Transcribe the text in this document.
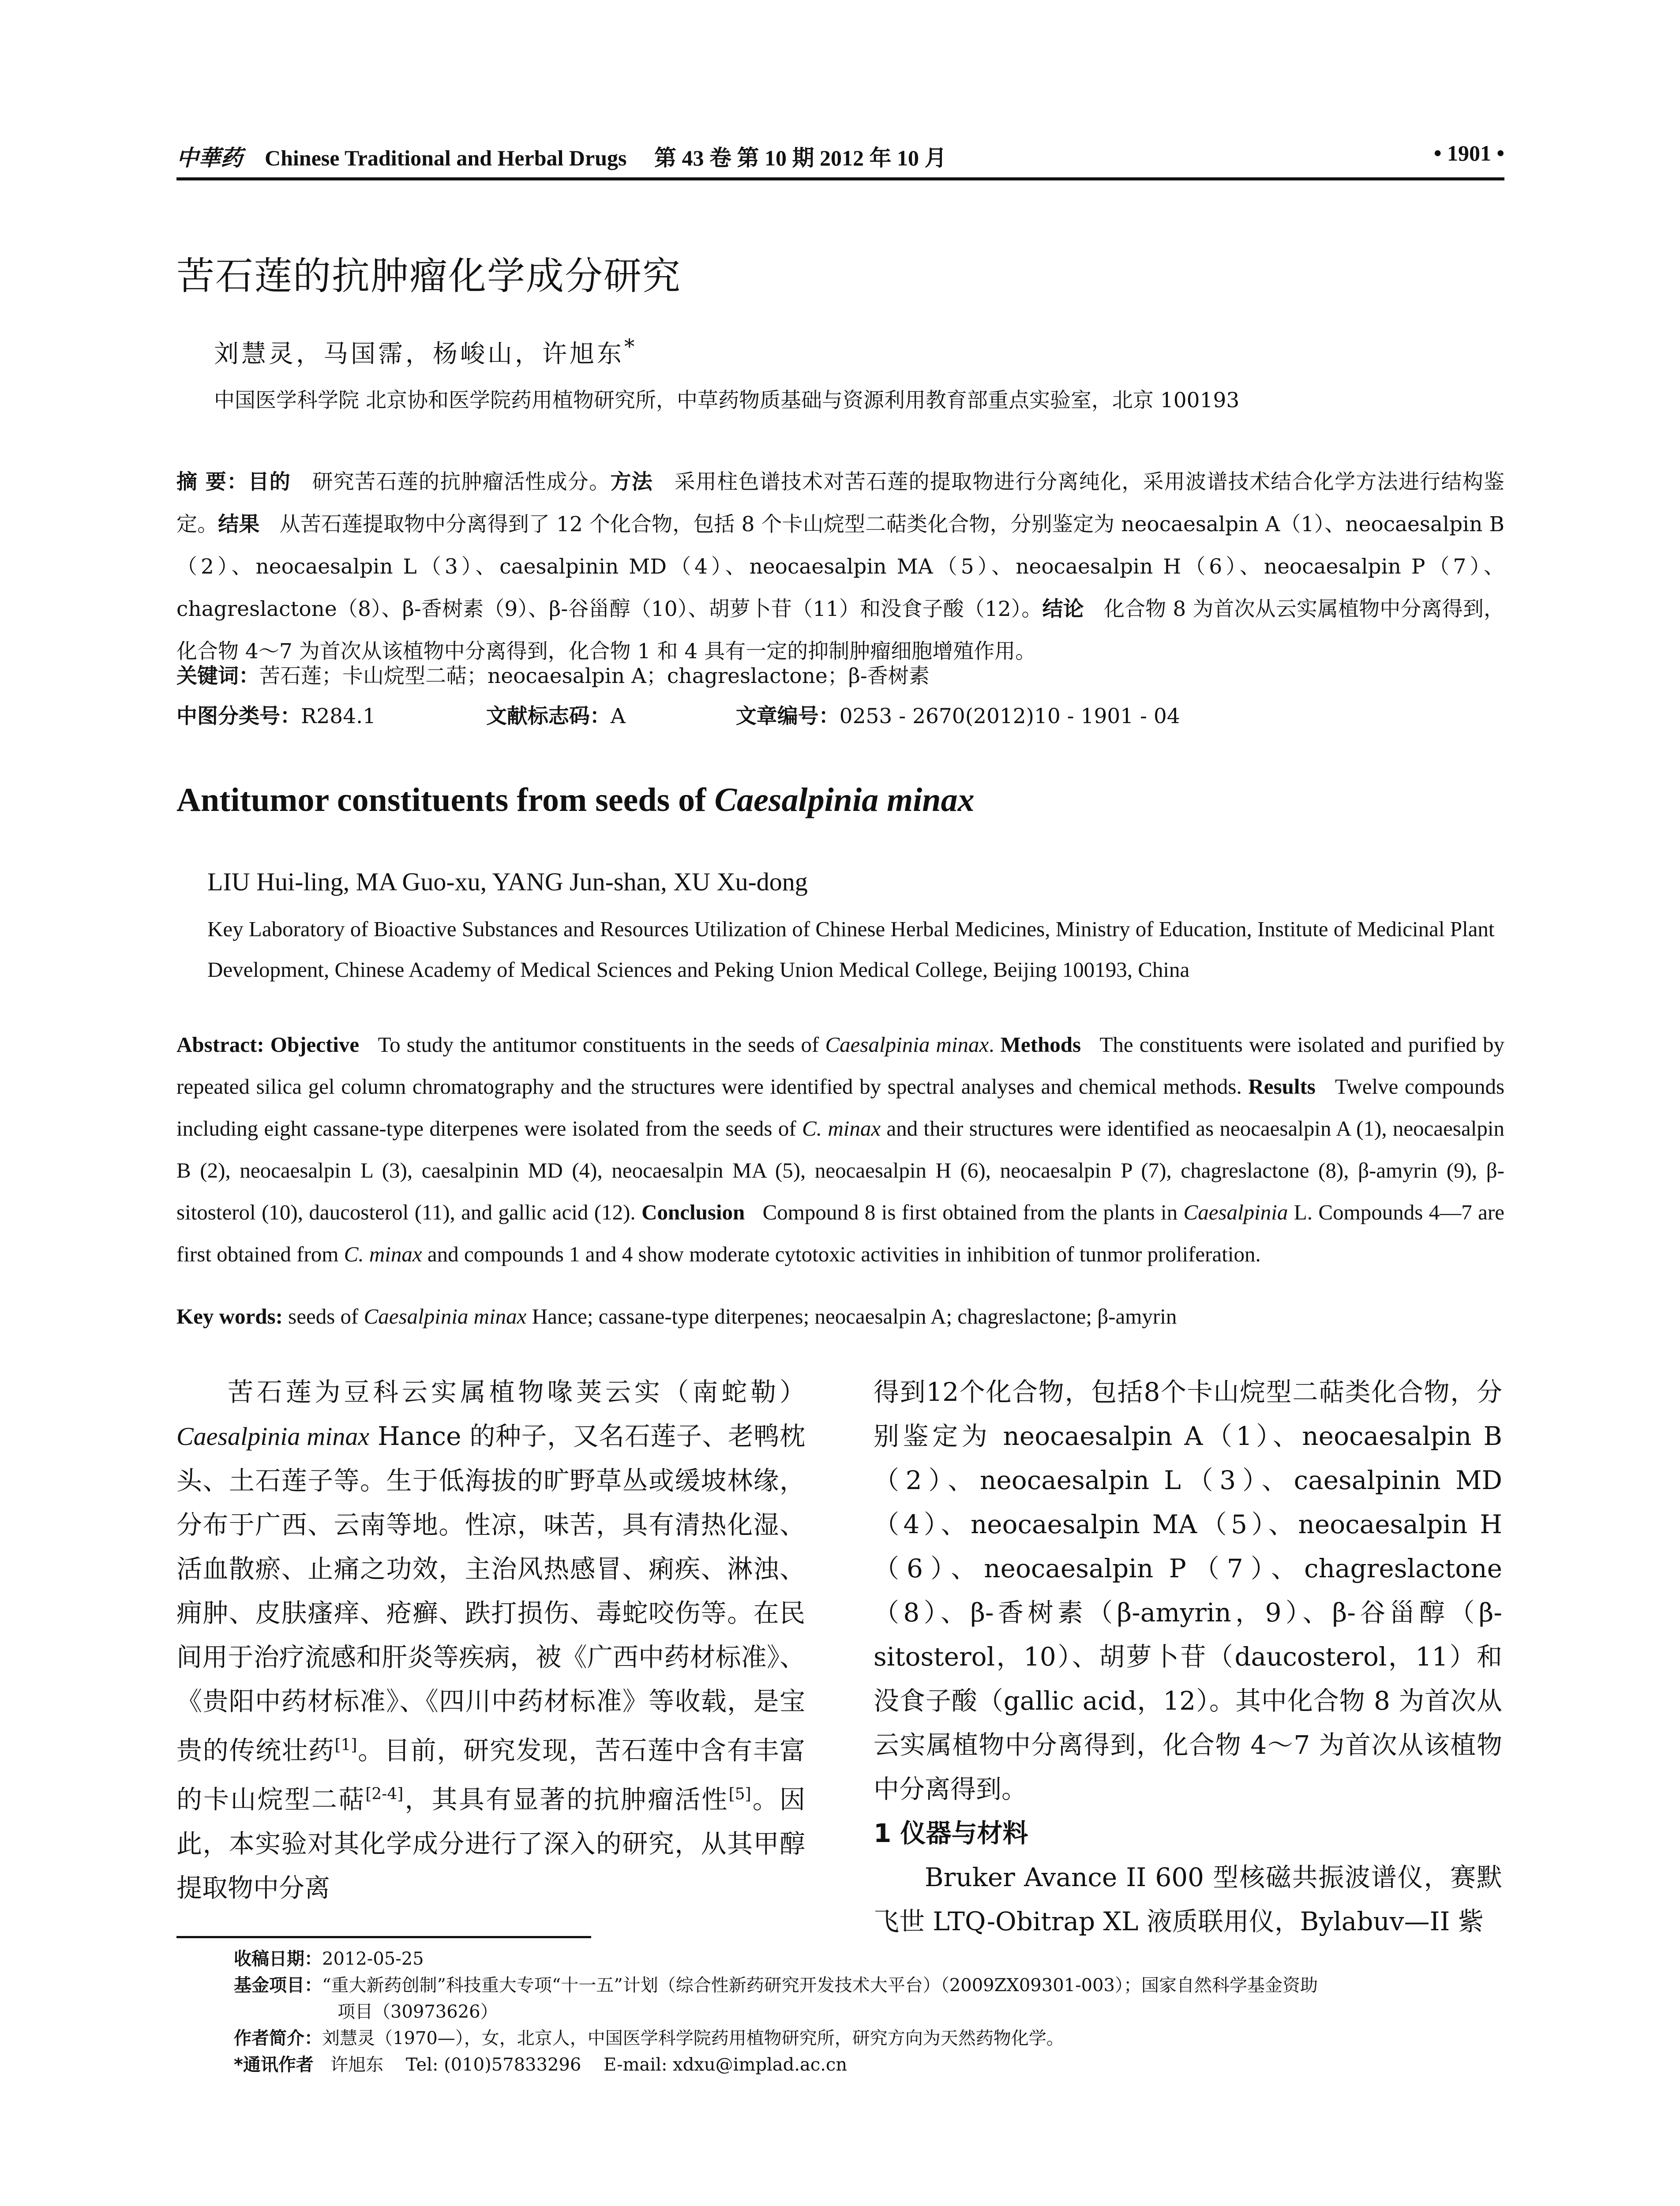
中華药 Chinese Traditional and Herbal Drugs 第 43 卷 第 10 期 2012 年 10 月	• 1901 •
苦石莲的抗肿瘤化学成分研究
刘慧灵，马国霈，杨峻山，许旭东*
中国医学科学院 北京协和医学院药用植物研究所，中草药物质基础与资源利用教育部重点实验室，北京 100193
摘 要：目的 研究苦石莲的抗肿瘤活性成分。方法 采用柱色谱技术对苦石莲的提取物进行分离纯化，采用波谱技术结合化学方法进行结构鉴定。结果 从苦石莲提取物中分离得到了 12 个化合物，包括 8 个卡山烷型二萜类化合物，分别鉴定为 neocaesalpin A（1）、neocaesalpin B（2）、neocaesalpin L（3）、caesalpinin MD（4）、neocaesalpin MA（5）、neocaesalpin H（6）、neocaesalpin P（7）、chagreslactone（8）、β-香树素（9）、β-谷甾醇（10）、胡萝卜苷（11）和没食子酸（12）。结论 化合物 8 为首次从云实属植物中分离得到，化合物 4～7 为首次从该植物中分离得到，化合物 1 和 4 具有一定的抑制肿瘤细胞增殖作用。
关键词：苦石莲；卡山烷型二萜；neocaesalpin A；chagreslactone；β-香树素
中图分类号：R284.1	文献标志码：A	文章编号：0253 - 2670(2012)10 - 1901 - 04
Antitumor constituents from seeds of Caesalpinia minax
LIU Hui-ling, MA Guo-xu, YANG Jun-shan, XU Xu-dong
Key Laboratory of Bioactive Substances and Resources Utilization of Chinese Herbal Medicines, Ministry of Education, Institute of Medicinal Plant Development, Chinese Academy of Medical Sciences and Peking Union Medical College, Beijing 100193, China
Abstract: Objective To study the antitumor constituents in the seeds of Caesalpinia minax. Methods The constituents were isolated and purified by repeated silica gel column chromatography and the structures were identified by spectral analyses and chemical methods. Results Twelve compounds including eight cassane-type diterpenes were isolated from the seeds of C. minax and their structures were identified as neocaesalpin A (1), neocaesalpin B (2), neocaesalpin L (3), caesalpinin MD (4), neocaesalpin MA (5), neocaesalpin H (6), neocaesalpin P (7), chagreslactone (8), β-amyrin (9), β-sitosterol (10), daucosterol (11), and gallic acid (12). Conclusion Compound 8 is first obtained from the plants in Caesalpinia L. Compounds 4—7 are first obtained from C. minax and compounds 1 and 4 show moderate cytotoxic activities in inhibition of tunmor proliferation.
Key words: seeds of Caesalpinia minax Hance; cassane-type diterpenes; neocaesalpin A; chagreslactone; β-amyrin
苦石莲为豆科云实属植物喙荚云实（南蛇勒）Caesalpinia minax Hance 的种子，又名石莲子、老鸭枕头、土石莲子等。生于低海拔的旷野草丛或缓坡林缘，分布于广西、云南等地。性凉，味苦，具有清热化湿、活血散瘀、止痛之功效，主治风热感冒、痢疾、淋浊、痈肿、皮肤瘙痒、疮癣、跌打损伤、毒蛇咬伤等。在民间用于治疗流感和肝炎等疾病，被《广西中药材标准》、《贵阳中药材标准》、《四川中药材标准》等收载，是宝贵的传统壮药[1]。目前，研究发现，苦石莲中含有丰富的卡山烷型二萜[2-4]，其具有显著的抗肿瘤活性[5]。因此，本实验对其化学成分进行了深入的研究，从其甲醇提取物中分离
得到12个化合物，包括8个卡山烷型二萜类化合物，分别鉴定为 neocaesalpin A（1）、neocaesalpin B（2）、neocaesalpin L（3）、caesalpinin MD（4）、neocaesalpin MA（5）、neocaesalpin H（6）、neocaesalpin P（7）、chagreslactone（8）、β-香树素（β-amyrin，9）、β-谷甾醇（β-sitosterol，10）、胡萝卜苷（daucosterol，11）和没食子酸（gallic acid，12）。其中化合物 8 为首次从云实属植物中分离得到，化合物 4～7 为首次从该植物中分离得到。
1 仪器与材料
Bruker Avance II 600 型核磁共振波谱仪，赛默飞世 LTQ-Obitrap XL 液质联用仪，Bylabuv—II 紫
收稿日期：2012-05-25
基金项目：“重大新药创制”科技重大专项“十一五”计划（综合性新药研究开发技术大平台）（2009ZX09301-003）；国家自然科学基金资助
项目（30973626）
作者简介：刘慧灵（1970—），女，北京人，中国医学科学院药用植物研究所，研究方向为天然药物化学。
*通讯作者   许旭东    Tel: (010)57833296    E-mail: xdxu@implad.ac.cn
